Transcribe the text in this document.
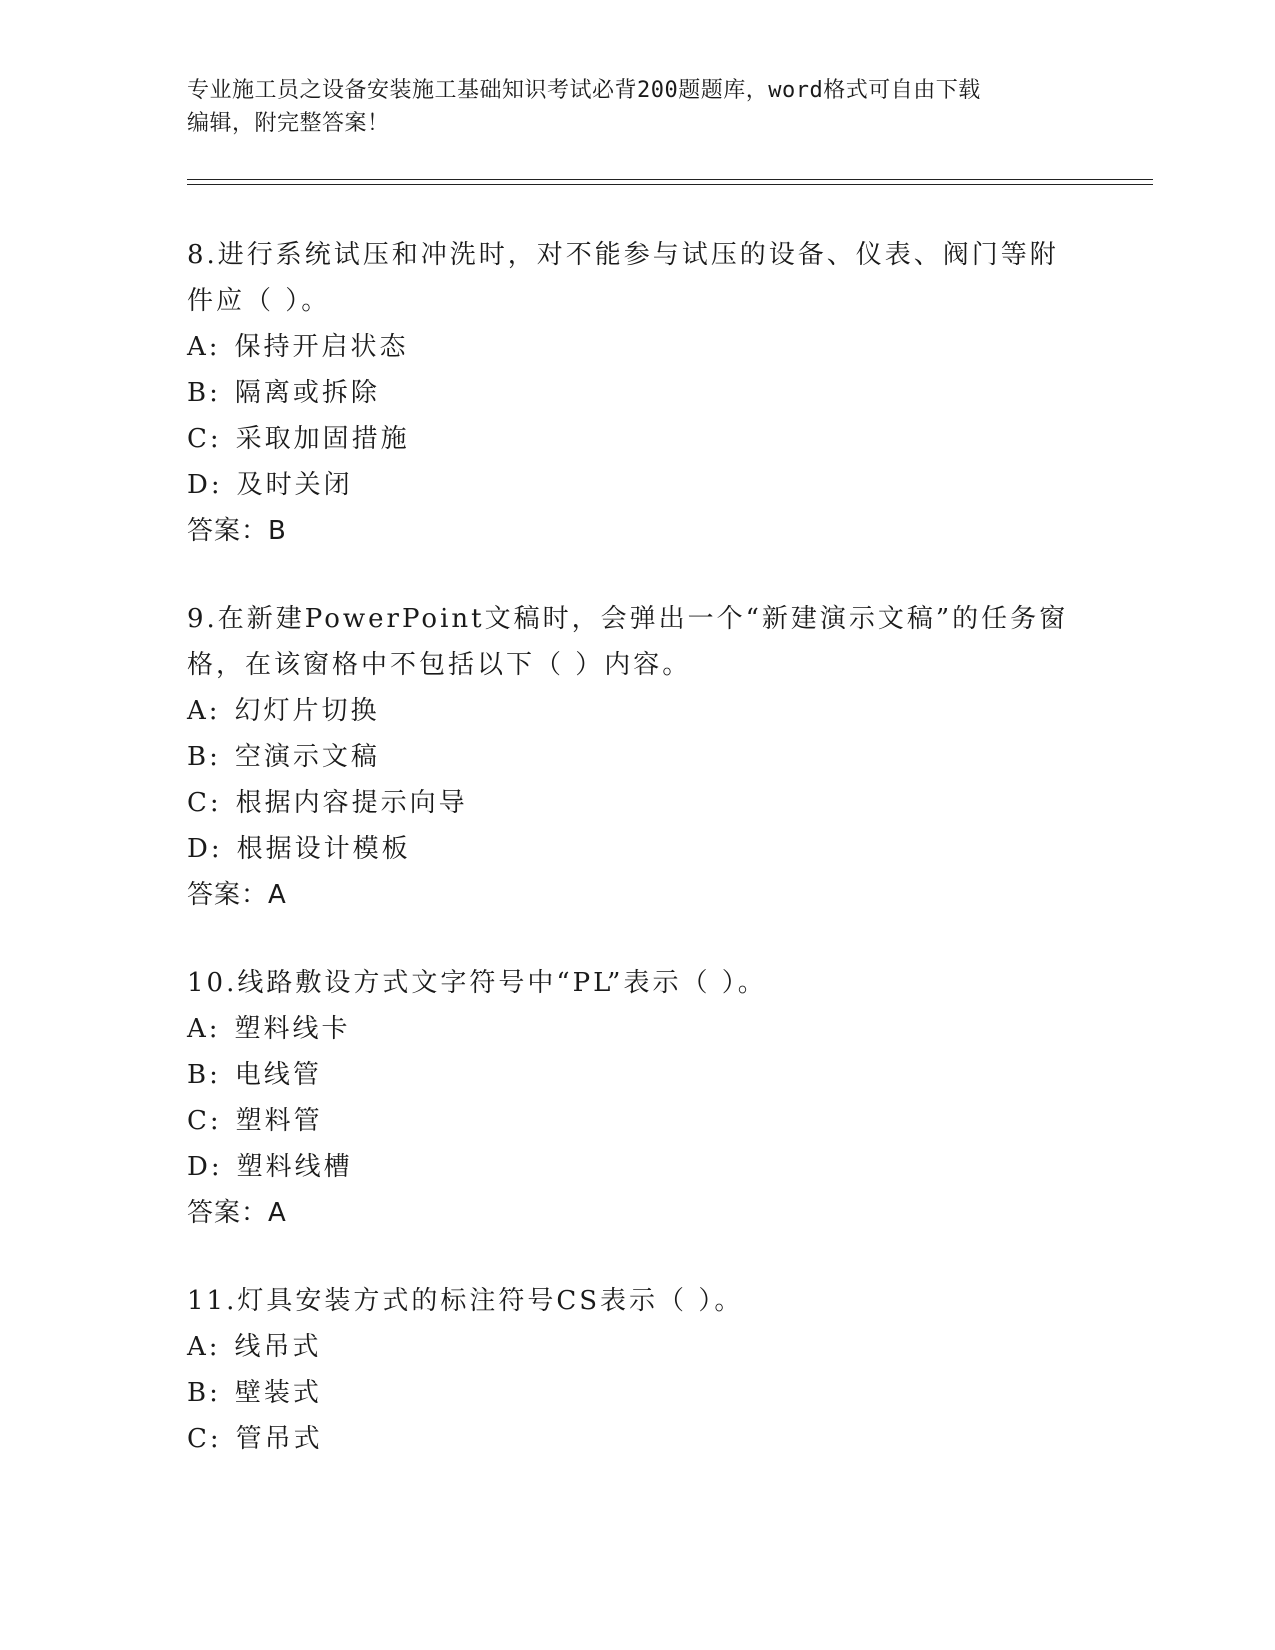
专业施工员之设备安装施工基础知识考试必背200题题库，word格式可自由下载
编辑，附完整答案！
8.进行系统试压和冲洗时，对不能参与试压的设备、仪表、阀门等附
件应（ ）。
A: 保持开启状态
B: 隔离或拆除
C: 采取加固措施
D: 及时关闭
答案：B
9.在新建PowerPoint文稿时，会弹出一个“新建演示文稿”的任务窗
格，在该窗格中不包括以下（ ）内容。
A: 幻灯片切换
B: 空演示文稿
C: 根据内容提示向导
D: 根据设计模板
答案：A
10.线路敷设方式文字符号中“PL”表示（ ）。
A: 塑料线卡
B: 电线管
C: 塑料管
D: 塑料线槽
答案：A
11.灯具安装方式的标注符号CS表示（ ）。
A: 线吊式
B: 壁装式
C: 管吊式
